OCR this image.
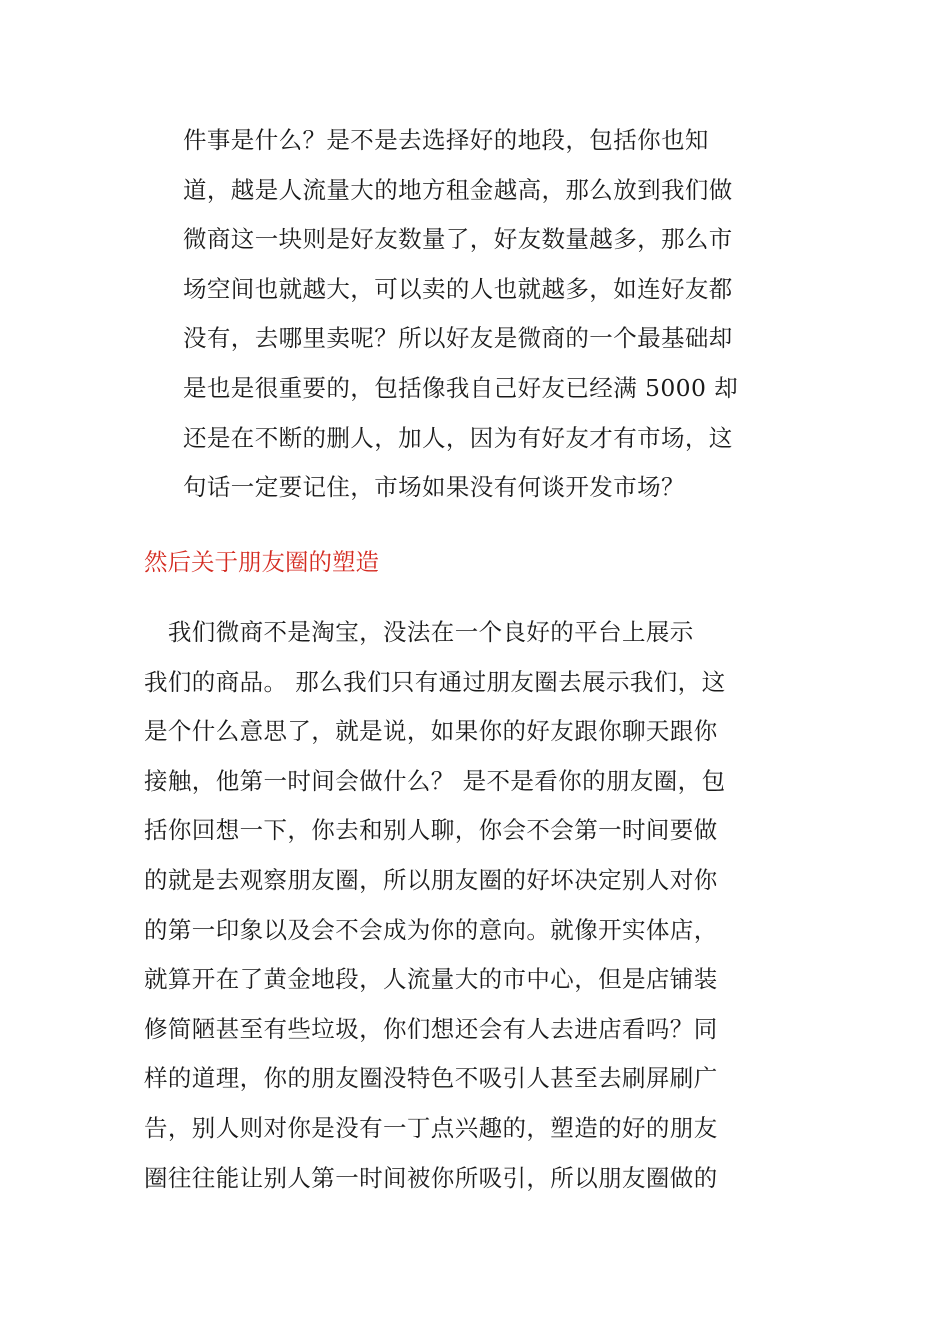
件事是什么？是不是去选择好的地段，包括你也知
道，越是人流量大的地方租金越高，那么放到我们做
微商这一块则是好友数量了，好友数量越多，那么市
场空间也就越大，可以卖的人也就越多，如连好友都
没有，去哪里卖呢？所以好友是微商的一个最基础却
是也是很重要的，包括像我自己好友已经满 5000 却
还是在不断的删人，加人，因为有好友才有市场，这
句话一定要记住，市场如果没有何谈开发市场？
然后关于朋友圈的塑造
　我们微商不是淘宝，没法在一个良好的平台上展示
我们的商品。 那么我们只有通过朋友圈去展示我们，这
是个什么意思了，就是说，如果你的好友跟你聊天跟你
接触，他第一时间会做什么？ 是不是看你的朋友圈，包
括你回想一下，你去和别人聊，你会不会第一时间要做
的就是去观察朋友圈，所以朋友圈的好坏决定别人对你
的第一印象以及会不会成为你的意向。就像开实体店，
就算开在了黄金地段，人流量大的市中心，但是店铺装
修简陋甚至有些垃圾，你们想还会有人去进店看吗？同
样的道理，你的朋友圈没特色不吸引人甚至去刷屏刷广
告，别人则对你是没有一丁点兴趣的，塑造的好的朋友
圈往往能让别人第一时间被你所吸引，所以朋友圈做的
